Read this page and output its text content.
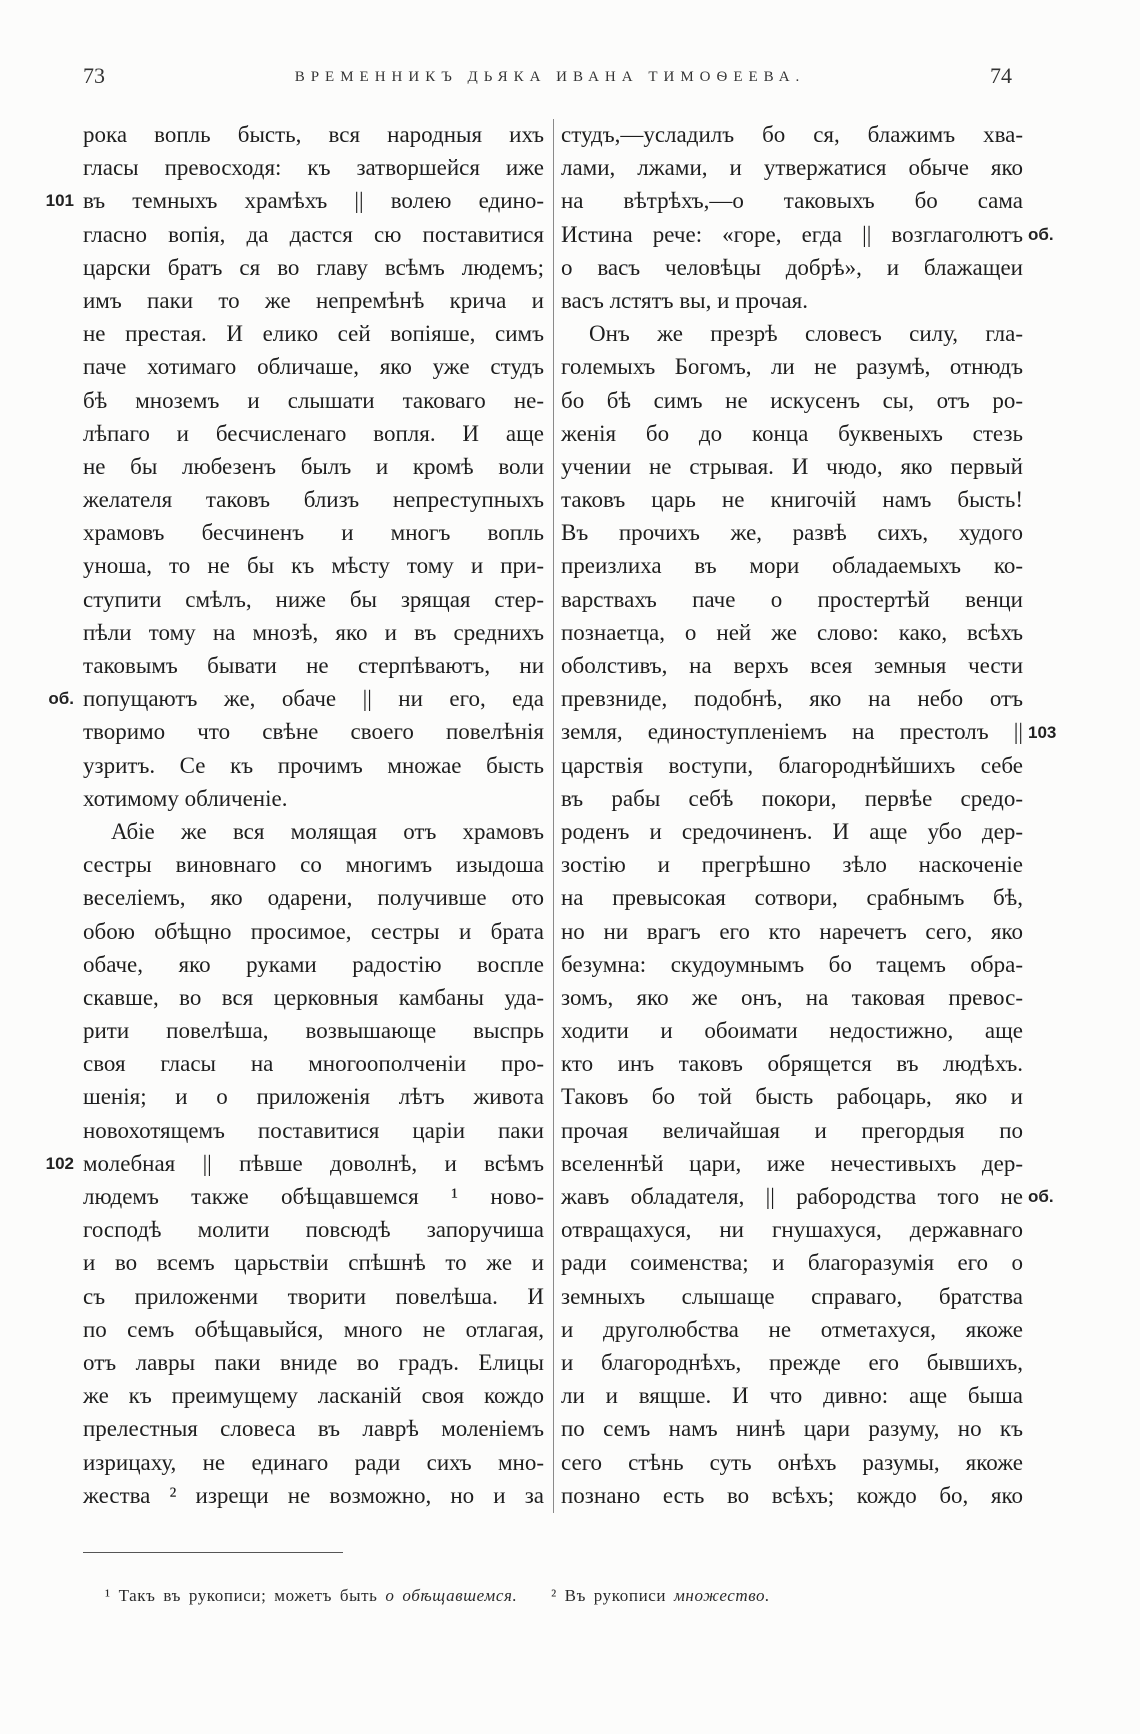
73	ВРЕМЕННИКЪ ДЬЯКА ИВАНА ТИМОѲЕЕВА.	74
101
об.
102
об.
103
об.
рока вопль бысть, вся народныя ихъ
гласы превосходя: къ затворшейся иже
въ темныхъ храмѣхъ || волею едино-
гласно вопія, да дастся сю поставитися
царски братъ ся во главу всѣмъ людемъ;
имъ паки то же непремѣнѣ крича и
не престая. И елико сей вопіяше, симъ
паче хотимаго обличаше, яко уже студъ
бѣ мноземъ и слышати таковаго не-
лѣпаго и бесчисленаго вопля. И аще
не бы любезенъ былъ и кромѣ воли
желателя таковъ близъ непреступныхъ
храмовъ бесчиненъ и многъ вопль
уноша, то не бы къ мѣсту тому и при-
ступити смѣлъ, ниже бы зрящая стер-
пѣли тому на мнозѣ, яко и въ среднихъ
таковымъ бывати не стерпѣваютъ, ни
попущаютъ же, обаче || ни его, еда
творимо что свѣне своего повелѣнія
узритъ. Се къ прочимъ множае бысть
хотимому обличеніе.
Абіе же вся молящая отъ храмовъ
сестры виновнаго со многимъ изыдоша
веселіемъ, яко одарени, получивше ото
обою обѣщно просимое, сестры и брата
обаче, яко руками радостію воспле
скавше, во вся церковныя камбаны уда-
рити повелѣша, возвышающе выспрь
своя гласы на многоополченіи про-
шенія; и о приложенія лѣтъ живота
новохотящемъ поставитися царіи паки
молебная || пѣвше доволнѣ, и всѣмъ
людемъ также обѣщавшемся ¹ ново-
господѣ молити повсюдѣ запоручиша
и во всемъ царьствіи спѣшнѣ то же и
съ приложенми творити повелѣша. И
по семъ обѣщавыйся, много не отлагая,
отъ лавры паки вниде во градъ. Елицы
же къ преимущему ласканій своя кождо
прелестныя словеса въ лаврѣ моленіемъ
изрицаху, не единаго ради сихъ мно-
жества ² изрещи не возможно, но и за
студъ,—усладилъ бо ся, блажимъ хва-
лами, лжами, и утвержатися обыче яко
на вѣтрѣхъ,—о таковыхъ бо сама
Истина рече: «горе, егда || возглаголютъ
о васъ человѣцы добрѣ», и блажащеи
васъ лстятъ вы, и прочая.
Онъ же презрѣ словесъ силу, гла-
големыхъ Богомъ, ли не разумѣ, отнюдъ
бо бѣ симъ не искусенъ сы, отъ ро-
женія бо до конца буквеныхъ стезь
учении не стрывая. И чюдо, яко первый
таковъ царь не книгочій намъ бысть!
Въ прочихъ же, развѣ сихъ, худого
преизлиха въ мори обладаемыхъ ко-
варствахъ паче о простертѣй венци
познаетца, о ней же слово: како, всѣхъ
оболстивъ, на верхъ всея земныя чести
превзниде, подобнѣ, яко на небо отъ
земля, единоступленіемъ на престолъ ||
царствія воступи, благороднѣйшихъ себе
въ рабы себѣ покори, первѣе средо-
роденъ и средочиненъ. И аще убо дер-
зостію и прегрѣшно зѣло наскоченіе
на превысокая сотвори, срабнымъ бѣ,
но ни врагъ его кто наречетъ сего, яко
безумна: скудоумнымъ бо тацемъ обра-
зомъ, яко же онъ, на таковая превос-
ходити и обоимати недостижно, аще
кто инъ таковъ обрящется въ людѣхъ.
Таковъ бо той бысть рабоцарь, яко и
прочая величайшая и прегордыя по
вселеннѣй цари, иже нечестивыхъ дер-
жавъ обладателя, || рабородства того не
отвращахуся, ни гнушахуся, державнаго
ради соименства; и благоразумія его о
земныхъ слышаще справаго, братства
и друголюбства не отметахуся, якоже
и благороднѣхъ, прежде его бывшихъ,
ли и вящше. И что дивно: аще быша
по семъ намъ нинѣ цари разуму, но къ
сего стѣнь суть онѣхъ разумы, якоже
познано есть во всѣхъ; кождо бо, яко
¹ Такъ въ рукописи; можетъ быть о обѣщавшемся. ² Въ рукописи множество.
